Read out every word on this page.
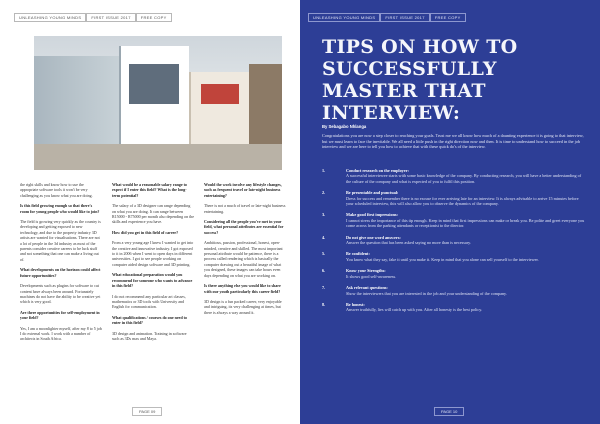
UNLEASHING YOUNG MINDS	FIRST ISSUE 2017	FREE COPY

the right skills and know how to use the appropriate software tools it won't be very challenging as you know what you are doing.

Is this field growing enough so that there's room for young people who would like to join?

The field is growing very quickly as the country is developing and getting exposed to new technology, and due to the property industry 3D artists are wanted for visualisations. There are not a lot of people in the 3d industry as most of the parents consider creative careers to be luck stuff and not something that one can make a living out of.

What developments on the horizon could affect future opportunities?

Developments such as plugins for software to cut content have always been around. Fortunately machines do not have the ability to be creative yet which is very good.

Are there opportunities for self-employment in your field?

Yes, I am a moonlighter myself, after my 8 to 5 job I do external work. I work with a number of architects in South Africa.

What would be a reasonable salary range to expect if I enter this field? What is the long-term potential?

The salary of a 3D designer can range depending on what you are doing. It can range between R15000 - R75000 per month also depending on the skills and experience you have.

How did you get in this field of career?

From a very young age I knew I wanted to get into the creative and innovative industry. I got exposed to it in 2006 when I went to open days in different universities. I got to see people working on computer aided design software and 3D printing.

What educational preparation would you recommend for someone who wants to advance in this field?

I do not recommend any particular art classes, mathematics or 3D tools with University and English for communication.

What qualifications / courses do one need to enter in this field?

3D design and animation. Training in software such as 3Ds max and Maya.

Would the work involve any lifestyle changes, such as frequent travel or late-night business entertaining?

There is not a much of travel or late-night business entertaining.

Considering all the people you've met in your field, what personal attributes are essential for success?

Ambitious, passion, professional, honest, open-minded, creative and skilled. The most important personal attribute would be patience, there is a process called rendering which is basically the computer drawing out a beautiful image of what you designed, these images can take hours even days depending on what you are working on.

Is there anything else you would like to share with our youth particularly this career field?

3D design is a fun packed career, very enjoyable and intriguing, its very challenging at times, but there is always a way around it.

PAGE 09
UNLEASHING YOUNG MINDS	FIRST ISSUE 2017	FREE COPY
TIPS ON HOW TO SUCCESSFULLY MASTER THAT INTERVIEW:
By Sebagabo Nhlanga

Congratulations you are now a step closer to reaching your goals. Trust me we all know how much of a daunting experience it is going to that interview, but we must learn to face the inevitable. We all need a little push in the right direction now and then. It is time to understand how to succeed in the job interview and we are here to tell you how to achieve that with these quick do's of the interview.

1.	Conduct research on the employer:
A successful interviewee starts with some basic knowledge of the company. By conducting research, you will have a better understanding of the culture of the company and what is expected of you to fulfil this position.
2.	Be presentable and punctual:
Dress for success and remember there is no excuse for ever arriving late for an interview. It is always advisable to arrive 15 minutes before your scheduled interview, this will also allow you to observe the dynamics of the company.
3.	Make good first impressions:
I cannot stress the importance of this tip enough. Keep in mind that first impressions can make or break you. Be polite and greet everyone you come across from the parking attendants or receptionist to the director.
4.	Do not give one word answers:
Answer the question that has been asked saying no more than is necessary.
5.	Be confident:
You know what they say, fake it until you make it. Keep in mind that you alone can sell yourself to the interviewer.
6.	Know your Strengths:
It shows good self-awareness.
7.	Ask relevant questions:
Show the interviewers that you are interested in the job and your understanding of the company.
8.	Be honest:
Answer truthfully, lies will catch up with you. After all honesty is the best policy.
PAGE 10
